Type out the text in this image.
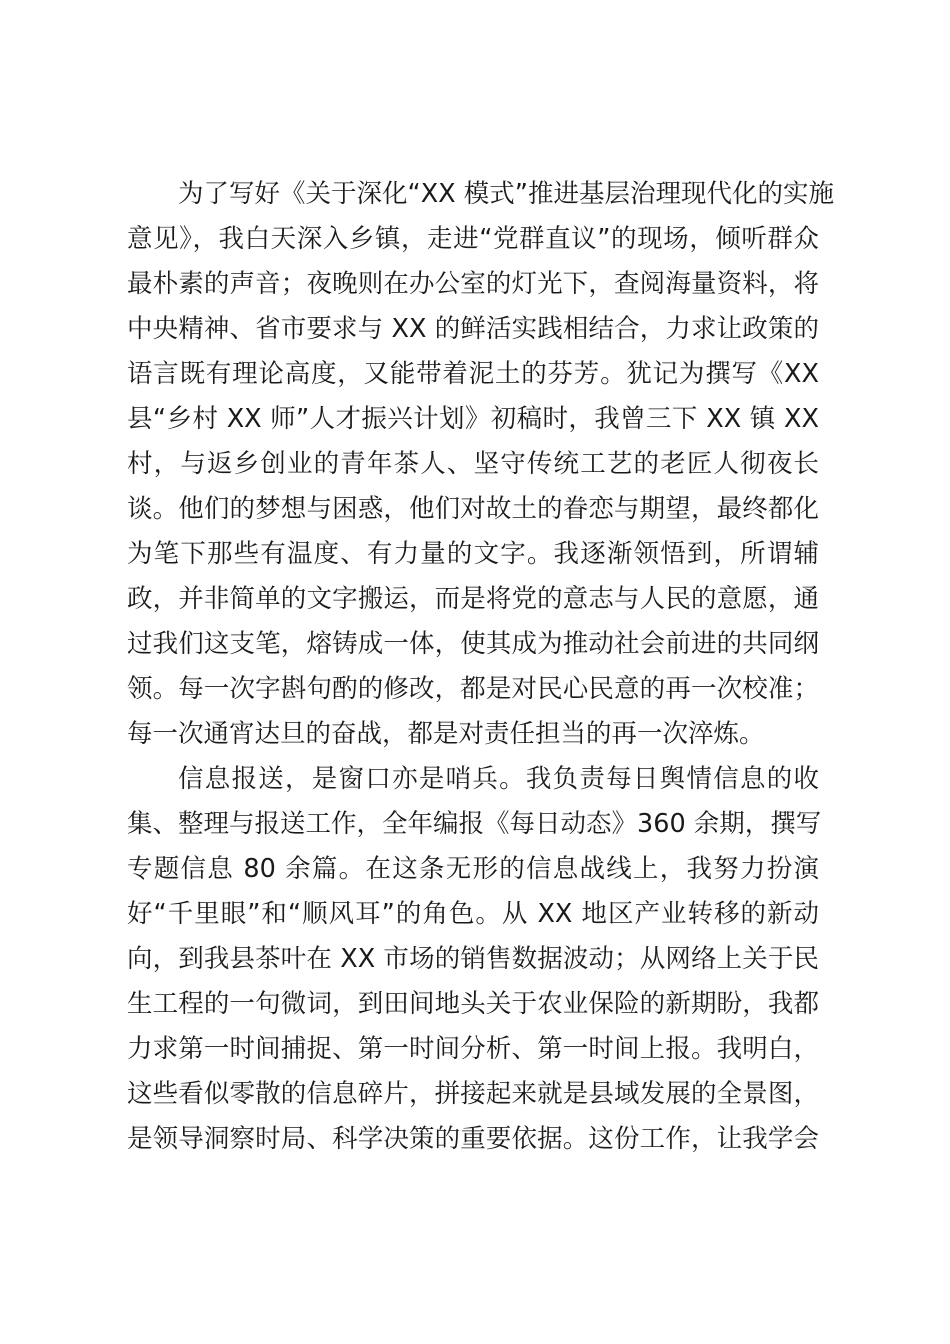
为了写好《关于深化“XX 模式”推进基层治理现代化的实施
意见》，我白天深入乡镇，走进“党群直议”的现场，倾听群众
最朴素的声音；夜晚则在办公室的灯光下，查阅海量资料，将
中央精神、省市要求与 XX 的鲜活实践相结合，力求让政策的
语言既有理论高度，又能带着泥土的芬芳。犹记为撰写《XX
县“乡村 XX 师”人才振兴计划》初稿时，我曾三下 XX 镇 XX
村，与返乡创业的青年茶人、坚守传统工艺的老匠人彻夜长
谈。他们的梦想与困惑，他们对故土的眷恋与期望，最终都化
为笔下那些有温度、有力量的文字。我逐渐领悟到，所谓辅
政，并非简单的文字搬运，而是将党的意志与人民的意愿，通
过我们这支笔，熔铸成一体，使其成为推动社会前进的共同纲
领。每一次字斟句酌的修改，都是对民心民意的再一次校准；
每一次通宵达旦的奋战，都是对责任担当的再一次淬炼。
信息报送，是窗口亦是哨兵。我负责每日舆情信息的收
集、整理与报送工作，全年编报《每日动态》360 余期，撰写
专题信息 80 余篇。在这条无形的信息战线上，我努力扮演
好“千里眼”和“顺风耳”的角色。从 XX 地区产业转移的新动
向，到我县茶叶在 XX 市场的销售数据波动；从网络上关于民
生工程的一句微词，到田间地头关于农业保险的新期盼，我都
力求第一时间捕捉、第一时间分析、第一时间上报。我明白，
这些看似零散的信息碎片，拼接起来就是县域发展的全景图，
是领导洞察时局、科学决策的重要依据。这份工作，让我学会
